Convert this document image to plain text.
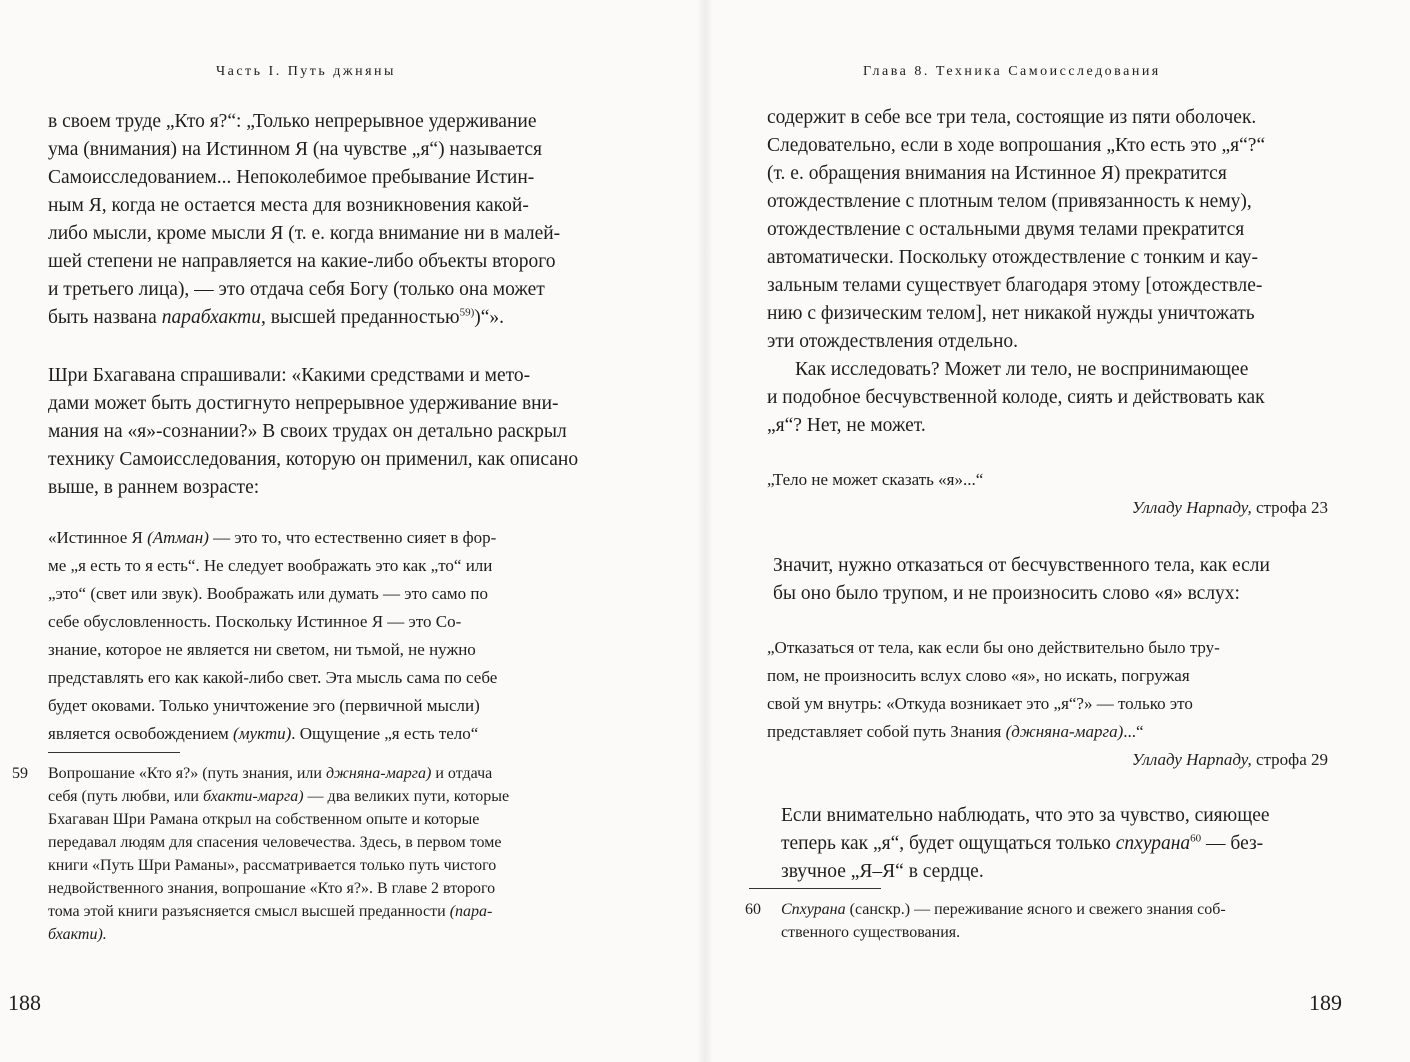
Часть I. Путь джняны
в своем труде „Кто я?“: „Только непрерывное удерживание
ума (внимания) на Истинном Я (на чувстве „я“) называется
Самоисследованием... Непоколебимое пребывание Истин-
ным Я, когда не остается места для возникновения какой-
либо мысли, кроме мысли Я (т. е. когда внимание ни в малей-
шей степени не направляется на какие-либо объекты второго
и третьего лица), — это отдача себя Богу (только она может
быть названа парабхакти, высшей преданностью$^{59)}$)“».
Шри Бхагавана спрашивали: «Какими средствами и мето-
дами может быть достигнуто непрерывное удерживание вни-
мания на «я»-сознании?» В своих трудах он детально раскрыл
технику Самоисследования, которую он применил, как описано
выше, в раннем возрасте:
«Истинное Я (Атман) — это то, что естественно сияет в фор-
ме „я есть то я есть“. Не следует воображать это как „то“ или
„это“ (свет или звук). Воображать или думать — это само по
себе обусловленность. Поскольку Истинное Я — это Со-
знание, которое не является ни светом, ни тьмой, не нужно
представлять его как какой-либо свет. Эта мысль сама по себе
будет оковами. Только уничтожение эго (первичной мысли)
является освобождением (мукти). Ощущение „я есть тело“
59 Вопрошание «Кто я?» (путь знания, или джняна-марга) и отдача
себя (путь любви, или бхакти-марга) — два великих пути, которые
Бхагаван Шри Рамана открыл на собственном опыте и которые
передавал людям для спасения человечества. Здесь, в первом томе
книги «Путь Шри Раманы», рассматривается только путь чистого
недвойственного знания, вопрошание «Кто я?». В главе 2 второго
тома этой книги разъясняется смысл высшей преданности (пара-
бхакти).
188
Глава 8. Техника Самоисследования
содержит в себе все три тела, состоящие из пяти оболочек.
Следовательно, если в ходе вопрошания „Кто есть это „я“?“
(т. е. обращения внимания на Истинное Я) прекратится
отождествление с плотным телом (привязанность к нему),
отождествление с остальными двумя телами прекратится
автоматически. Поскольку отождествление с тонким и кау-
зальным телами существует благодаря этому [отождествле-
нию с физическим телом], нет никакой нужды уничтожать
эти отождествления отдельно.
Как исследовать? Может ли тело, не воспринимающее
и подобное бесчувственной колоде, сиять и действовать как
„я“? Нет, не может.
„Тело не может сказать «я»...“
Улладу Нарпаду, строфа 23
Значит, нужно отказаться от бесчувственного тела, как если
бы оно было трупом, и не произносить слово «я» вслух:
„Отказаться от тела, как если бы оно действительно было тру-
пом, не произносить вслух слово «я», но искать, погружая
свой ум внутрь: «Откуда возникает это „я“?» — только это
представляет собой путь Знания (джняна-марга)...“
Улладу Нарпаду, строфа 29
Если внимательно наблюдать, что это за чувство, сияющее
теперь как „я“, будет ощущаться только спхурана$^{60}$ — без-
звучное „Я–Я“ в сердце.
60 Спхурана (санскр.) — переживание ясного и свежего знания соб-
ственного существования.
189
